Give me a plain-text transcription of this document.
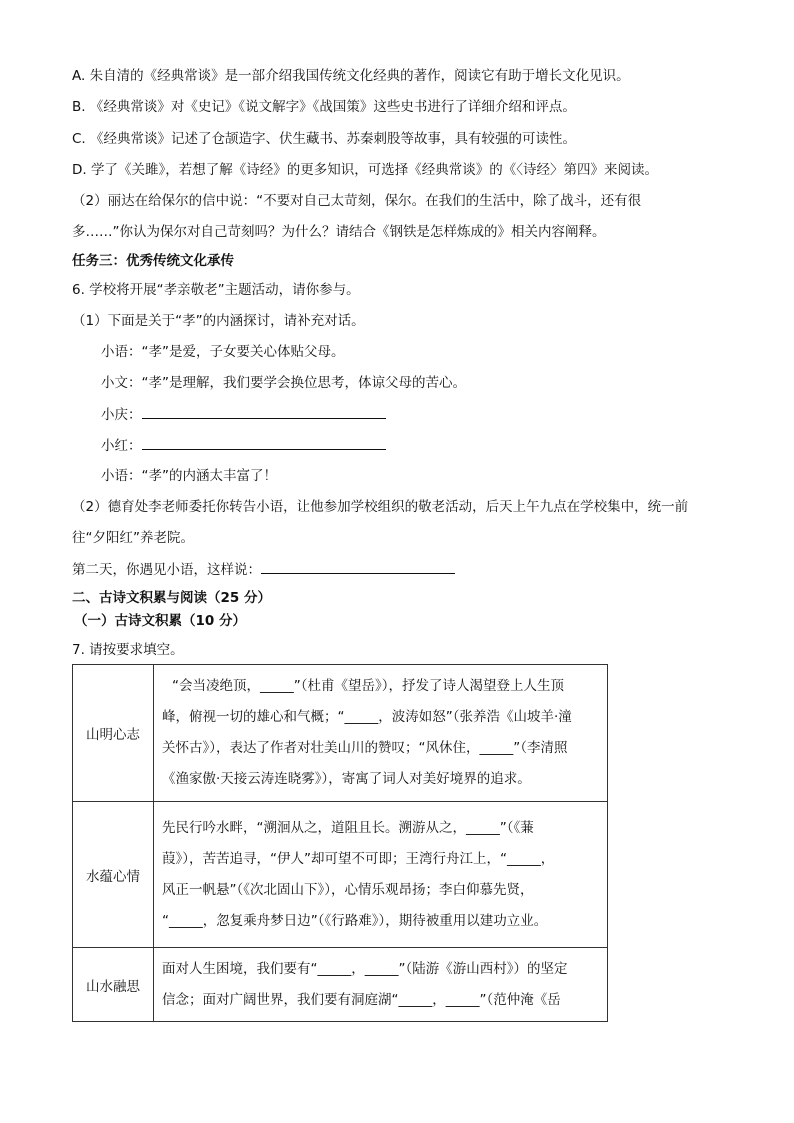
A. 朱自清的《经典常谈》是一部介绍我国传统文化经典的著作，阅读它有助于增长文化见识。
B. 《经典常谈》对《史记》《说文解字》《战国策》这些史书进行了详细介绍和评点。
C. 《经典常谈》记述了仓颉造字、伏生藏书、苏秦刺股等故事，具有较强的可读性。
D. 学了《关雎》，若想了解《诗经》的更多知识，可选择《经典常谈》的《〈诗经〉第四》来阅读。
（2）丽达在给保尔的信中说：“不要对自己太苛刻，保尔。在我们的生活中，除了战斗，还有很
多……”你认为保尔对自己苛刻吗？为什么？请结合《钢铁是怎样炼成的》相关内容阐释。
任务三：优秀传统文化承传
6. 学校将开展“孝亲敬老”主题活动，请你参与。
（1）下面是关于“孝”的内涵探讨，请补充对话。
小语：“孝”是爱，子女要关心体贴父母。
小文：“孝”是理解，我们要学会换位思考，体谅父母的苦心。
小庆：
小红：
小语：“孝”的内涵太丰富了！
（2）德育处李老师委托你转告小语，让他参加学校组织的敬老活动，后天上午九点在学校集中，统一前
往“夕阳红”养老院。
第二天，你遇见小语，这样说：
二、古诗文积累与阅读（25 分）
（一）古诗文积累（10 分）
7. 请按要求填空。
山明心志	“会当凌绝顶，_____”（杜甫《望岳》），抒发了诗人渴望登上人生顶
峰，俯视一切的雄心和气概；“_____，波涛如怒”（张养浩《山坡羊·潼
关怀古》），表达了作者对壮美山川的赞叹；“风休住，_____”（李清照
《渔家傲·天接云涛连晓雾》），寄寓了词人对美好境界的追求。

水蕴心情	先民行吟水畔，“溯洄从之，道阻且长。溯游从之，_____”（《蒹
葭》），苦苦追寻，“伊人”却可望不可即；王湾行舟江上，“_____，
风正一帆悬”（《次北固山下》），心情乐观昂扬；李白仰慕先贤，
“_____，忽复乘舟梦日边”（《行路难》），期待被重用以建功立业。

山水融思	面对人生困境，我们要有“_____，_____”（陆游《游山西村》）的坚定
信念；面对广阔世界，我们要有洞庭湖“_____，_____”（范仲淹《岳
